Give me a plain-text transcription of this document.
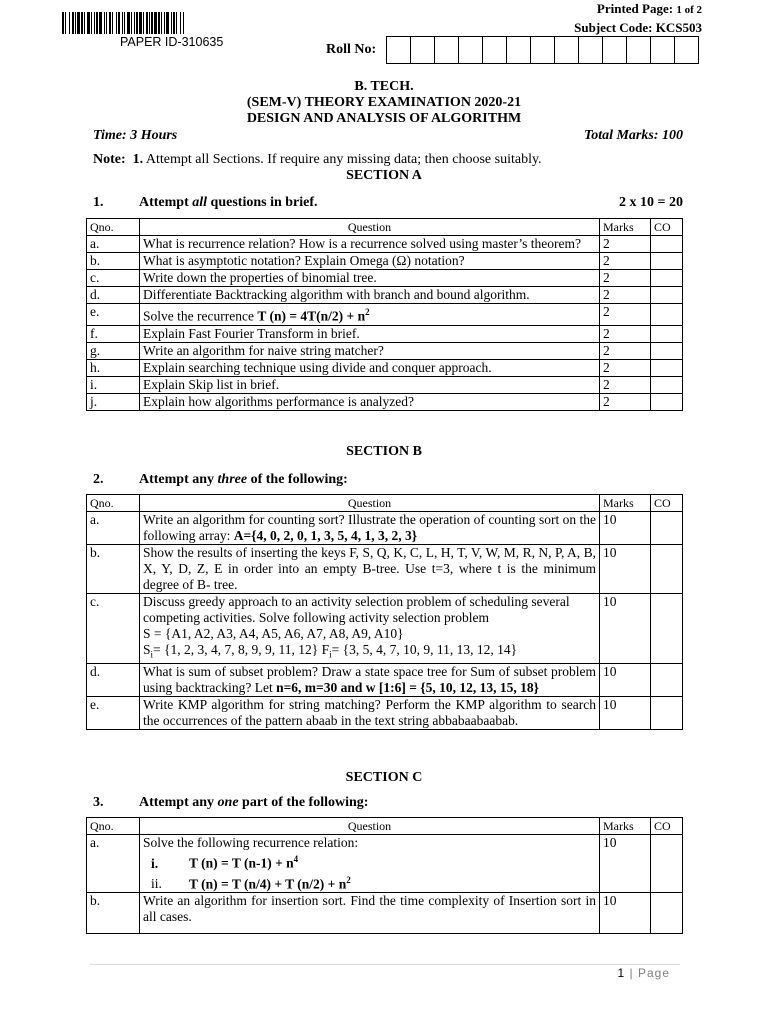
PAPER ID-310635
Printed Page: 1 of 2
Subject Code: KCS503
Roll No:
B. TECH.
(SEM-V) THEORY EXAMINATION 2020-21
DESIGN AND ANALYSIS OF ALGORITHM
Time: 3 Hours	Total Marks: 100
Note: 1. Attempt all Sections. If require any missing data; then choose suitably.
SECTION A
1.	Attempt all questions in brief.	2 x 10 = 20
Qno.	Question	Marks	CO
a.	What is recurrence relation? How is a recurrence solved using master’s theorem?	2	
b.	What is asymptotic notation? Explain Omega (Ω) notation?	2	
c.	Write down the properties of binomial tree.	2	
d.	Differentiate Backtracking algorithm with branch and bound algorithm.	2	
e.	Solve the recurrence T $(n) = 4T(n/2) + n^2$	2	
f.	Explain Fast Fourier Transform in brief.	2	
g.	Write an algorithm for naive string matcher?	2	
h.	Explain searching technique using divide and conquer approach.	2	
i.	Explain Skip list in brief.	2	
j.	Explain how algorithms performance is analyzed?	2	
SECTION B
2.	Attempt any three of the following:
Qno.	Question	Marks	CO
a.	Write an algorithm for counting sort? Illustrate the operation of counting sort on the following array: A={4, 0, 2, 0, 1, 3, 5, 4, 1, 3, 2, 3}	10	
b.	Show the results of inserting the keys F, S, Q, K, C, L, H, T, V, W, M, R, N, P, A, B, X, Y, D, Z, E in order into an empty B-tree. Use t=3, where t is the minimum degree of B- tree.	10	
c.	Discuss greedy approach to an activity selection problem of scheduling several competing activities. Solve following activity selection problem
S = {A1, A2, A3, A4, A5, A6, A7, A8, A9, A10}
$S_i= \{1$, 2, 3, 4, 7, 8, 9, 9, 11, 12} $F_i= \{3$, 5, 4, 7, 10, 9, 11, 13, 12, 14}	10	
d.	What is sum of subset problem? Draw a state space tree for Sum of subset problem using backtracking? Let n=6, m=30 and w [1:6] = {5, 10, 12, 13, 15, 18}	10	
e.	Write KMP algorithm for string matching? Perform the KMP algorithm to search the occurrences of the pattern abaab in the text string abbabaabaabab.	10	
SECTION C
3.	Attempt any one part of the following:
Qno.	Question	Marks	CO
a.	Solve the following recurrence relation:
i. T (n) = T $(n-1) + n^4$
ii. T (n) = T (n/4) + T $(n/2) + n^2$	10	
b.	Write an algorithm for insertion sort. Find the time complexity of Insertion sort in all cases.	10	
1 | Page
